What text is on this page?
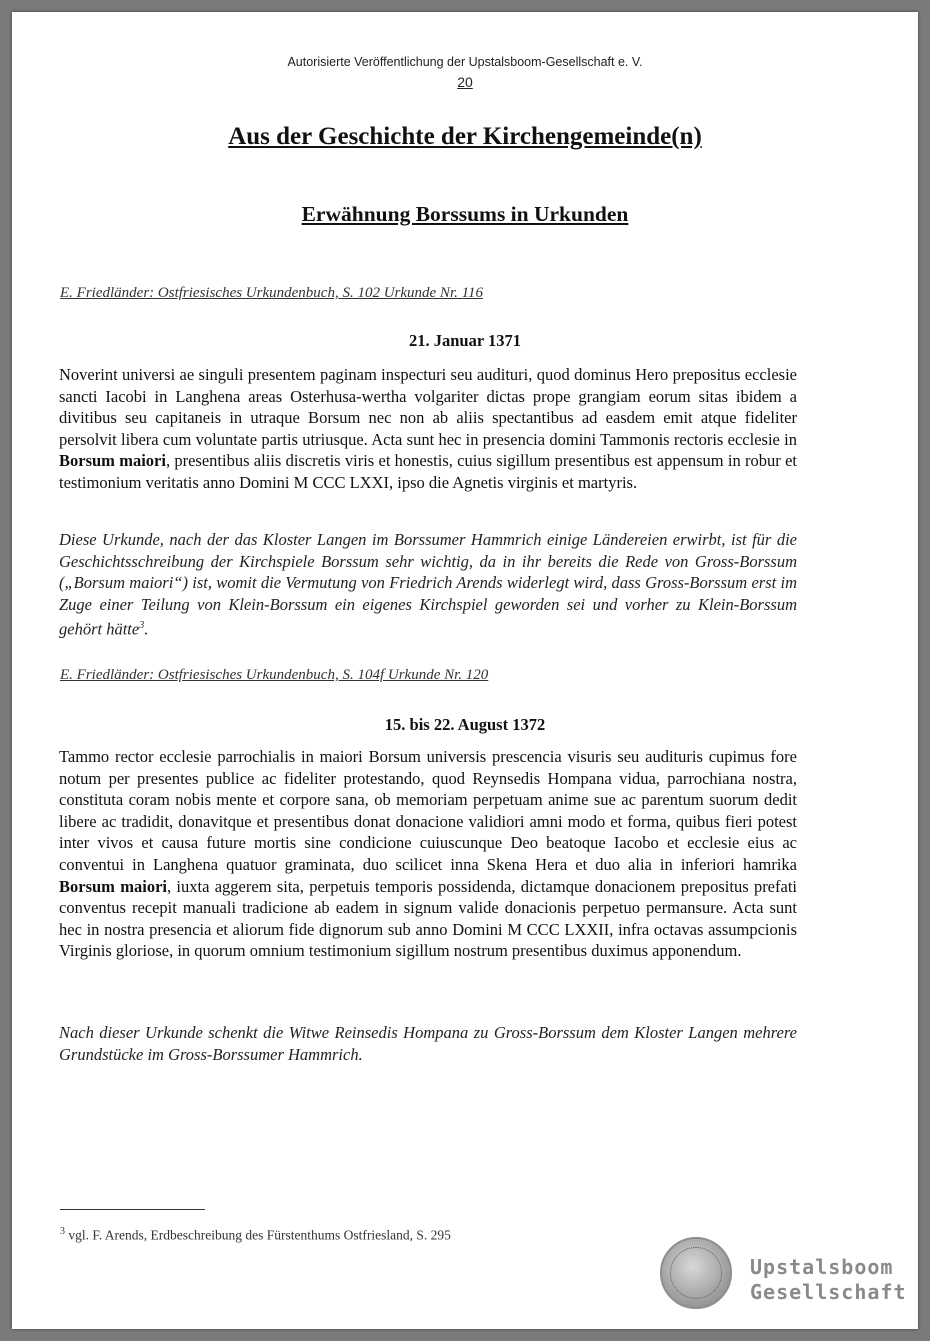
Autorisierte Veröffentlichung der Upstalsboom-Gesellschaft e. V.
20
Aus der Geschichte der Kirchengemeinde(n)
Erwähnung Borssums in Urkunden
E. Friedländer: Ostfriesisches Urkundenbuch, S. 102 Urkunde Nr. 116
21. Januar 1371
Noverint universi ae singuli presentem paginam inspecturi seu audituri, quod dominus Hero prepositus ecclesie sancti Iacobi in Langhena areas Osterhusa-wertha volgariter dictas prope grangiam eorum sitas ibidem a divitibus seu capitaneis in utraque Borsum nec non ab aliis spectantibus ad easdem emit atque fideliter persolvit libera cum voluntate partis utriusque. Acta sunt hec in presencia domini Tammonis rectoris ecclesie in Borsum maiori, presentibus aliis discretis viris et honestis, cuius sigillum presentibus est appensum in robur et testimonium veritatis anno Domini M CCC LXXI, ipso die Agnetis virginis et martyris.
Diese Urkunde, nach der das Kloster Langen im Borssumer Hammrich einige Ländereien erwirbt, ist für die Geschichtsschreibung der Kirchspiele Borssum sehr wichtig, da in ihr bereits die Rede von Gross-Borssum („Borsum maiori“) ist, womit die Vermutung von Friedrich Arends widerlegt wird, dass Gross-Borssum erst im Zuge einer Teilung von Klein-Borssum ein eigenes Kirchspiel geworden sei und vorher zu Klein-Borssum gehört hätte$^3$.
E. Friedländer: Ostfriesisches Urkundenbuch, S. 104f Urkunde Nr. 120
15. bis 22. August 1372
Tammo rector ecclesie parrochialis in maiori Borsum universis prescencia visuris seu audituris cupimus fore notum per presentes publice ac fideliter protestando, quod Reynsedis Hompana vidua, parrochiana nostra, constituta coram nobis mente et corpore sana, ob memoriam perpetuam anime sue ac parentum suorum dedit libere ac tradidit, donavitque et presentibus donat donacione validiori amni modo et forma, quibus fieri potest inter vivos et causa future mortis sine condicione cuiuscunque Deo beatoque Iacobo et ecclesie eius ac conventui in Langhena quatuor graminata, duo scilicet inna Skena Hera et duo alia in inferiori hamrika Borsum maiori, iuxta aggerem sita, perpetuis temporis possidenda, dictamque donacionem prepositus prefati conventus recepit manuali tradicione ab eadem in signum valide donacionis perpetuo permansure. Acta sunt hec in nostra presencia et aliorum fide dignorum sub anno Domini M CCC LXXII, infra octavas assumpcionis Virginis gloriose, in quorum omnium testimonium sigillum nostrum presentibus duximus apponendum.
Nach dieser Urkunde schenkt die Witwe Reinsedis Hompana zu Gross-Borssum dem Kloster Langen mehrere Grundstücke im Gross-Borssumer Hammrich.
$^3$ vgl. F. Arends, Erdbeschreibung des Fürstenthums Ostfriesland, S. 295
Upstalsboom
Gesellschaft
